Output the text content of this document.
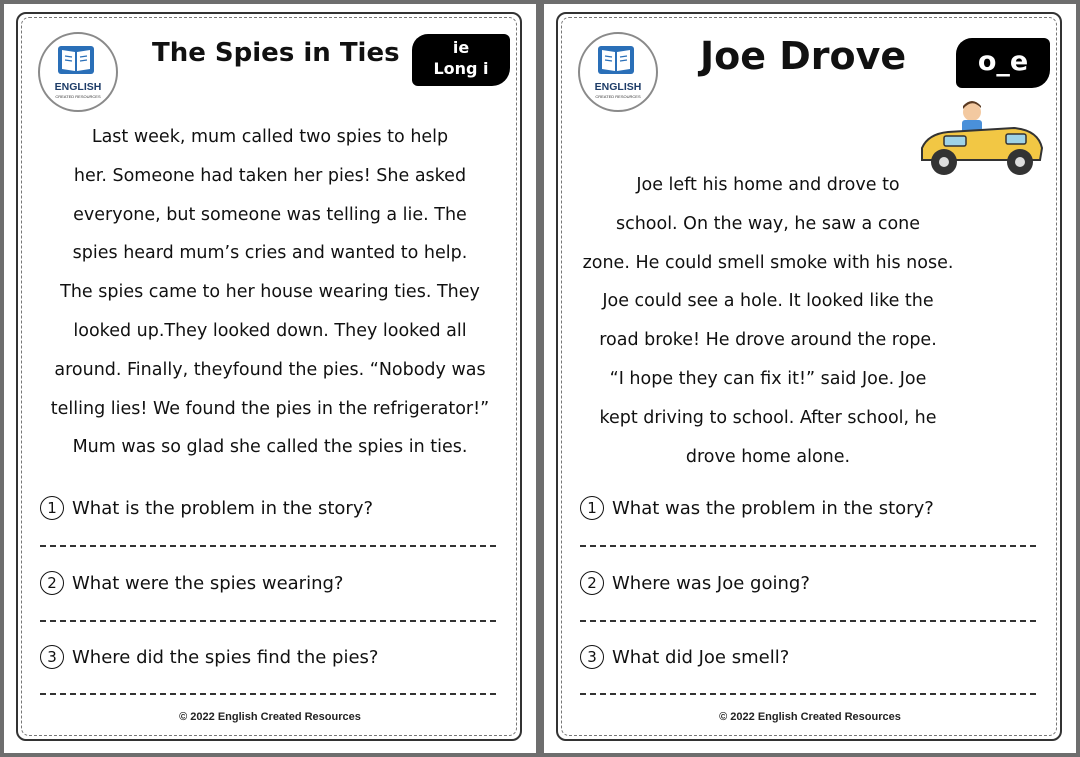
ENGLISH
CREATED RESOURCES
The Spies in Ties	ie
Long i
Last week, mum called two spies to help
her. Someone had taken her pies! She asked
everyone, but someone was telling a lie. The
spies heard mum’s cries and wanted to help.
The spies came to her house wearing ties. They
looked up.They looked down. They looked all
around. Finally, theyfound the pies. “Nobody was
telling lies! We found the pies in the refrigerator!”
Mum was so glad she called the spies in ties.
1 What is the problem in the story?
2 What were the spies wearing?
3 Where did the spies find the pies?
© 2022 English Created Resources
ENGLISH
CREATED RESOURCES
Joe Drove	o_e
Joe left his home and drove to
school. On the way, he saw a cone
zone. He could smell smoke with his nose.
Joe could see a hole. It looked like the
road broke! He drove around the rope.
“I hope they can fix it!” said Joe. Joe
kept driving to school. After school, he
drove home alone.
1 What was the problem in the story?
2 Where was Joe going?
3 What did Joe smell?
© 2022 English Created Resources
